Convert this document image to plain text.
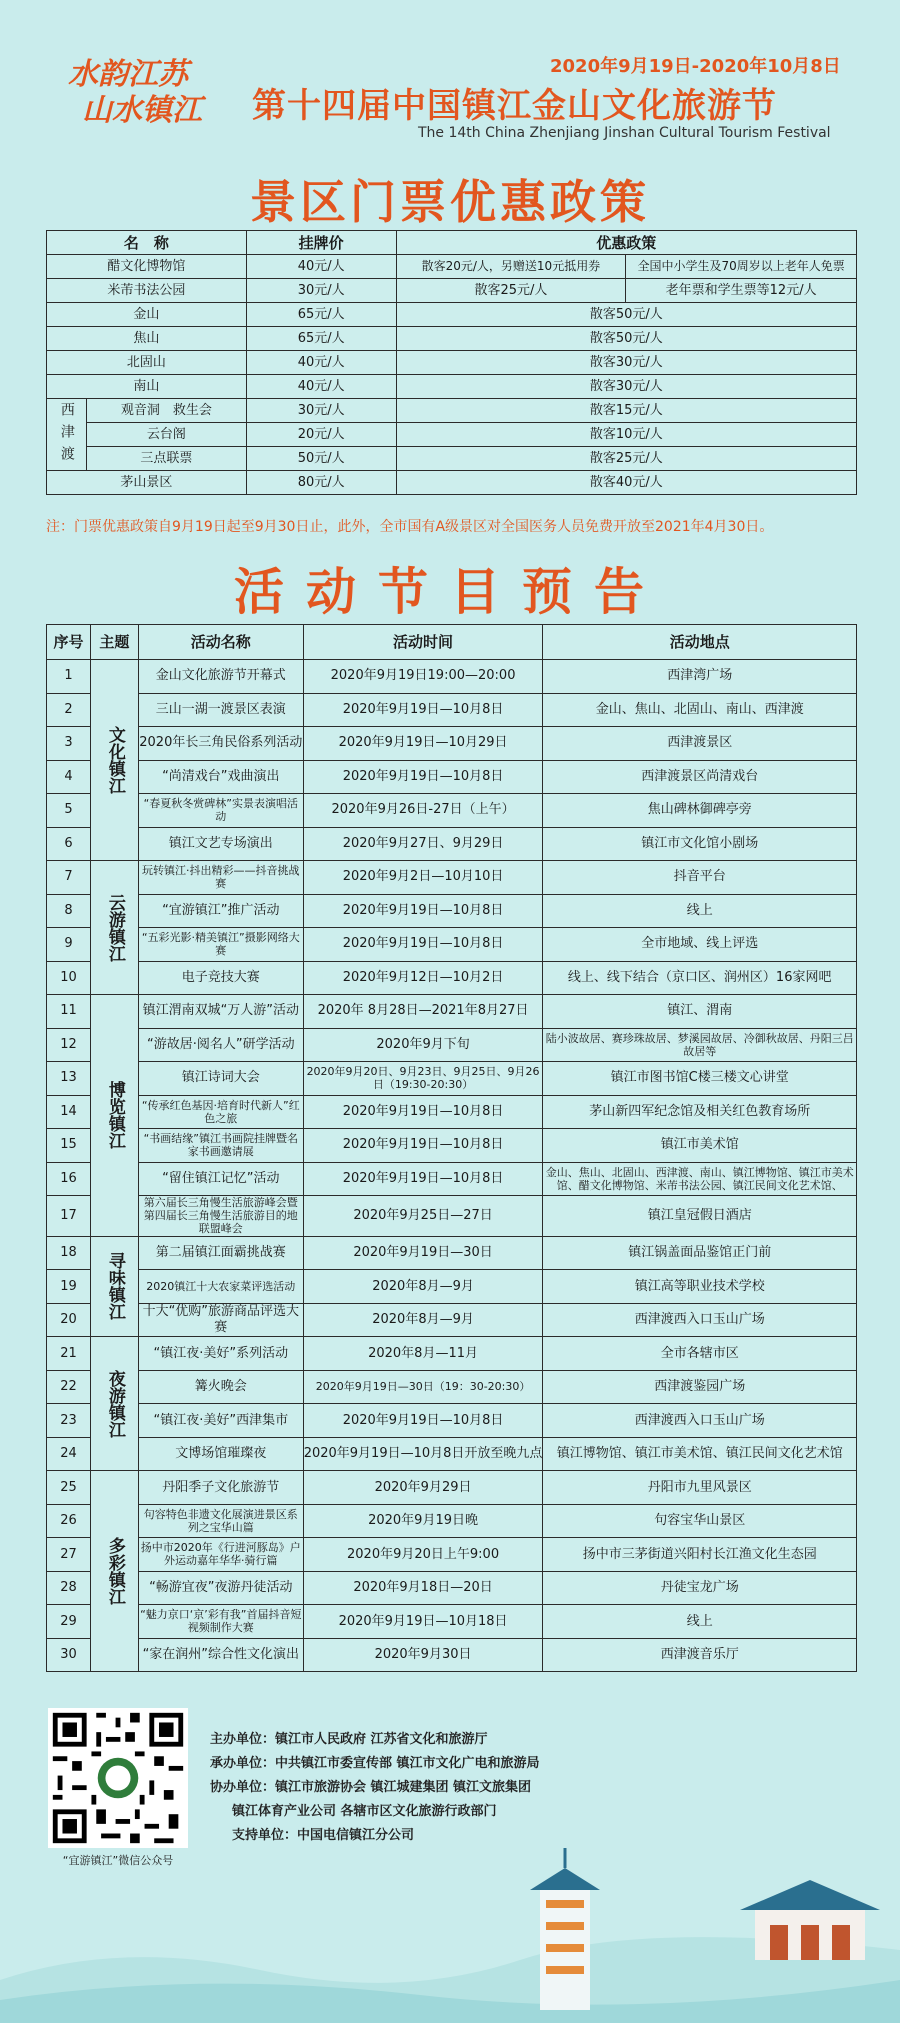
水韵江苏
山水镇江
2020年9月19日-2020年10月8日
第十四届中国镇江金山文化旅游节
The 14th China Zhenjiang Jinshan Cultural Tourism Festival
景区门票优惠政策
名　称		挂牌价	优惠政策	
醋文化博物馆		40元/人	散客20元/人，另赠送10元抵用券	全国中小学生及70周岁以上老年人免票
米芾书法公园		30元/人	散客25元/人	老年票和学生票等12元/人
金山		65元/人	散客50元/人	
焦山		65元/人	散客50元/人	
北固山		40元/人	散客30元/人	
南山		40元/人	散客30元/人	
西津渡	观音洞　救生会	30元/人	散客15元/人	
	云台阁	20元/人	散客10元/人	
	三点联票	50元/人	散客25元/人	
茅山景区		80元/人	散客40元/人	
注：门票优惠政策自9月19日起至9月30日止，此外，全市国有A级景区对全国医务人员免费开放至2021年4月30日。
活动节目预告
序号	主题	活动名称	活动时间	活动地点
1	文化镇江	金山文化旅游节开幕式	2020年9月19日19:00—20:00	西津湾广场
2		三山一湖一渡景区表演	2020年9月19日—10月8日	金山、焦山、北固山、南山、西津渡
3		2020年长三角民俗系列活动	2020年9月19日—10月29日	西津渡景区
4		“尚清戏台”戏曲演出	2020年9月19日—10月8日	西津渡景区尚清戏台
5		“春夏秋冬赏碑林”实景表演唱活动	2020年9月26日-27日（上午）	焦山碑林御碑亭旁
6		镇江文艺专场演出	2020年9月27日、9月29日	镇江市文化馆小剧场
7	云游镇江	玩转镇江·抖出精彩——抖音挑战赛	2020年9月2日—10月10日	抖音平台
8		“宜游镇江”推广活动	2020年9月19日—10月8日	线上
9		“五彩光影·精美镇江”摄影网络大赛	2020年9月19日—10月8日	全市地域、线上评选
10		电子竞技大赛	2020年9月12日—10月2日	线上、线下结合（京口区、润州区）16家网吧
11	博览镇江	镇江渭南双城“万人游”活动	2020年 8月28日—2021年8月27日	镇江、渭南
12		“游故居·阅名人”研学活动	2020年9月下旬	陆小波故居、赛珍珠故居、梦溪园故居、冷御秋故居、丹阳三吕故居等
13		镇江诗词大会	2020年9月20日、9月23日、9月25日、9月26日（19:30-20:30）	镇江市图书馆C楼三楼文心讲堂
14		“传承红色基因·培育时代新人”红色之旅	2020年9月19日—10月8日	茅山新四军纪念馆及相关红色教育场所
15		“书画结缘”镇江书画院挂牌暨名家书画邀请展	2020年9月19日—10月8日	镇江市美术馆
16		“留住镇江记忆”活动	2020年9月19日—10月8日	金山、焦山、北固山、西津渡、南山、镇江博物馆、镇江市美术馆、醋文化博物馆、米芾书法公园、镇江民间文化艺术馆、
17		第六届长三角慢生活旅游峰会暨第四届长三角慢生活旅游目的地联盟峰会	2020年9月25日—27日	镇江皇冠假日酒店
18	寻味镇江	第二届镇江面霸挑战赛	2020年9月19日—30日	镇江锅盖面品鉴馆正门前
19		2020镇江十大农家菜评选活动	2020年8月—9月	镇江高等职业技术学校
20		十大“优购”旅游商品评选大赛	2020年8月—9月	西津渡西入口玉山广场
21	夜游镇江	“镇江夜·美好”系列活动	2020年8月—11月	全市各辖市区
22		篝火晚会	2020年9月19日—30日（19：30-20:30）	西津渡鉴园广场
23		“镇江夜·美好”西津集市	2020年9月19日—10月8日	西津渡西入口玉山广场
24		文博场馆璀璨夜	2020年9月19日—10月8日开放至晚九点	镇江博物馆、镇江市美术馆、镇江民间文化艺术馆
25	多彩镇江	丹阳季子文化旅游节	2020年9月29日	丹阳市九里风景区
26		句容特色非遗文化展演进景区系列之宝华山篇	2020年9月19日晚	句容宝华山景区
27		扬中市2020年《行进河豚岛》户外运动嘉年华华·骑行篇	2020年9月20日上午9:00	扬中市三茅街道兴阳村长江渔文化生态园
28		“畅游宜夜”夜游丹徒活动	2020年9月18日—20日	丹徒宝龙广场
29		“魅力京口‘京’彩有我”首届抖音短视频制作大赛	2020年9月19日—10月18日	线上
30		“家在润州”综合性文化演出	2020年9月30日	西津渡音乐厅
“宜游镇江”微信公众号
主办单位：镇江市人民政府 江苏省文化和旅游厅
承办单位：中共镇江市委宣传部 镇江市文化广电和旅游局
协办单位：镇江市旅游协会 镇江城建集团 镇江文旅集团
镇江体育产业公司 各辖市区文化旅游行政部门
支持单位：中国电信镇江分公司
